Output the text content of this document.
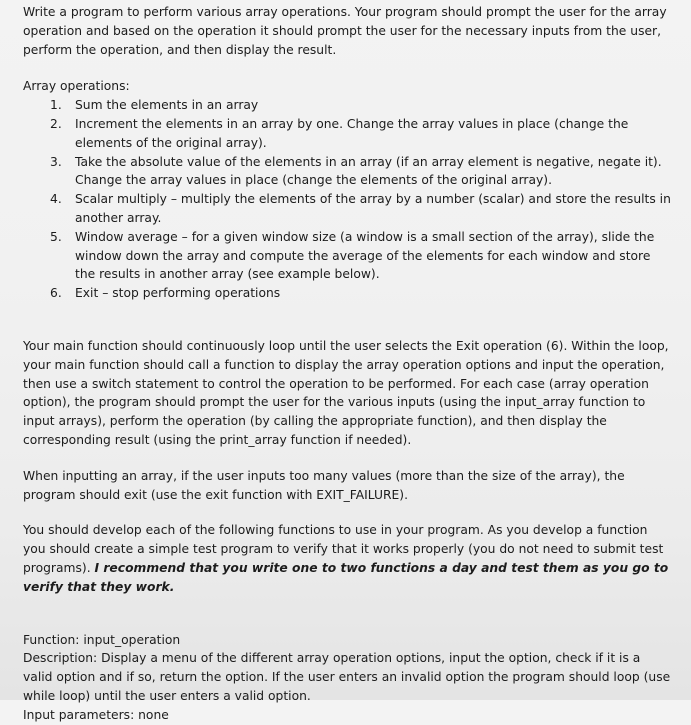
Write a program to perform various array operations. Your program should prompt the user for the array operation and based on the operation it should prompt the user for the necessary inputs from the user, perform the operation, and then display the result.

Array operations:

1. Sum the elements in an array
2. Increment the elements in an array by one. Change the array values in place (change the elements of the original array).
3. Take the absolute value of the elements in an array (if an array element is negative, negate it). Change the array values in place (change the elements of the original array).
4. Scalar multiply – multiply the elements of the array by a number (scalar) and store the results in another array.
5. Window average – for a given window size (a window is a small section of the array), slide the window down the array and compute the average of the elements for each window and store the results in another array (see example below).
6. Exit – stop performing operations

Your main function should continuously loop until the user selects the Exit operation (6). Within the loop, your main function should call a function to display the array operation options and input the operation, then use a switch statement to control the operation to be performed. For each case (array operation option), the program should prompt the user for the various inputs (using the input_array function to input arrays), perform the operation (by calling the appropriate function), and then display the corresponding result (using the print_array function if needed).

When inputting an array, if the user inputs too many values (more than the size of the array), the program should exit (use the exit function with EXIT_FAILURE).

You should develop each of the following functions to use in your program. As you develop a function you should create a simple test program to verify that it works properly (you do not need to submit test programs). I recommend that you write one to two functions a day and test them as you go to verify that they work.

Function: input_operation

Description: Display a menu of the different array operation options, input the option, check if it is a valid option and if so, return the option. If the user enters an invalid option the program should loop (use while loop) until the user enters a valid option.

Input parameters: none
